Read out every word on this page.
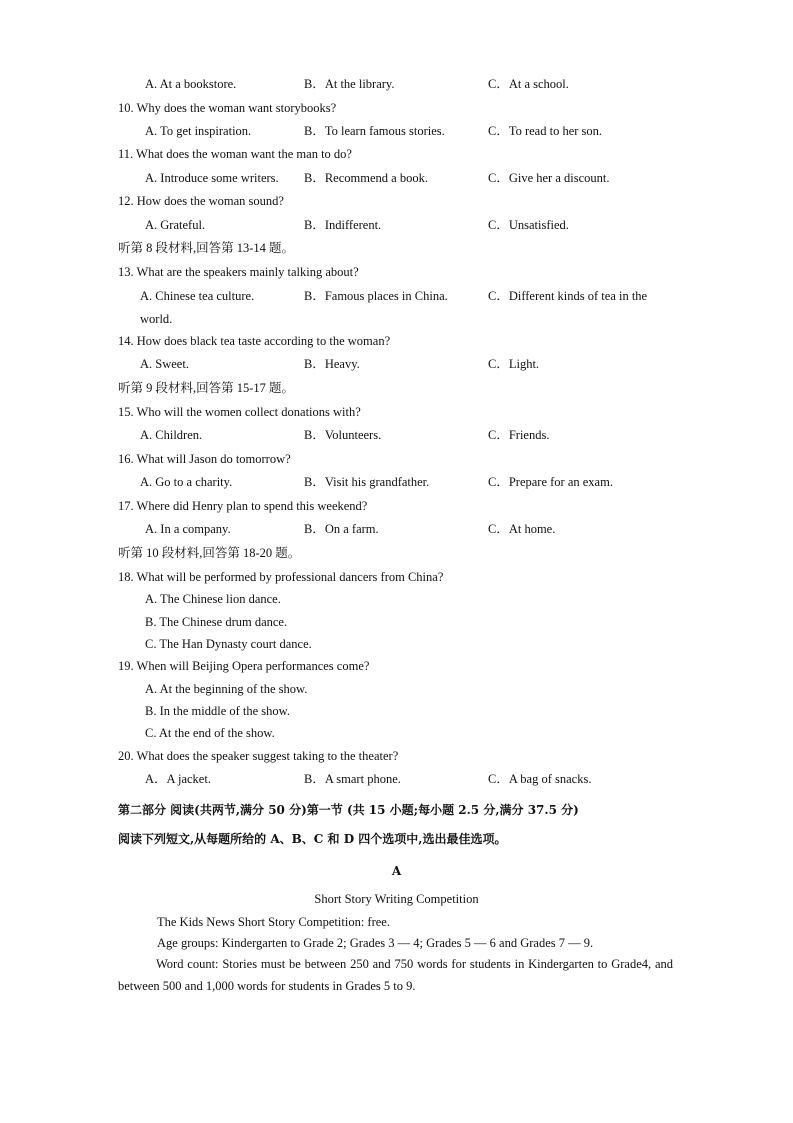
A. At a bookstore.	B．At the library.	C．At a school.
10. Why does the woman want storybooks?
A. To get inspiration.	B．To learn famous stories.	C．To read to her son.
11. What does the woman want the man to do?
A. Introduce some writers. B．Recommend a book.	C．Give her a discount.
12. How does the woman sound?
A. Grateful.	B．Indifferent.	C．Unsatisfied.
听第 8 段材料,回答第 13-14 题。
13. What are the speakers mainly talking about?
A. Chinese tea culture.	B．Famous places in China.	C．Different kinds of tea in the
world.
14. How does black tea taste according to the woman?
A. Sweet.	B．Heavy.	C．Light.
听第 9 段材料,回答第 15-17 题。
15. Who will the women collect donations with?
A. Children.	B．Volunteers.	C．Friends.
16. What will Jason do tomorrow?
A. Go to a charity.	B．Visit his grandfather.	C．Prepare for an exam.
17. Where did Henry plan to spend this weekend?
A. In a company.	B．On a farm.	C．At home.
听第 10 段材料,回答第 18-20 题。
18. What will be performed by professional dancers from China?
A. The Chinese lion dance.
B. The Chinese drum dance.
C. The Han Dynasty court dance.
19. When will Beijing Opera performances come?
A. At the beginning of the show.
B. In the middle of the show.
C. At the end of the show.
20. What does the speaker suggest taking to the theater?
A．A jacket.	B．A smart phone.	C．A bag of snacks.
第二部分 阅读(共两节,满分 50 分)第一节 (共 15 小题;每小题 2.5 分,满分 37.5 分)
阅读下列短文,从每题所给的 A、B、C 和 D 四个选项中,选出最佳选项。
A
Short Story Writing Competition
The Kids News Short Story Competition: free.
Age groups: Kindergarten to Grade 2; Grades 3 — 4; Grades 5 — 6 and Grades 7 — 9.
Word count: Stories must be between 250 and 750 words for students in Kindergarten to Grade4, and between 500 and 1,000 words for students in Grades 5 to 9.
